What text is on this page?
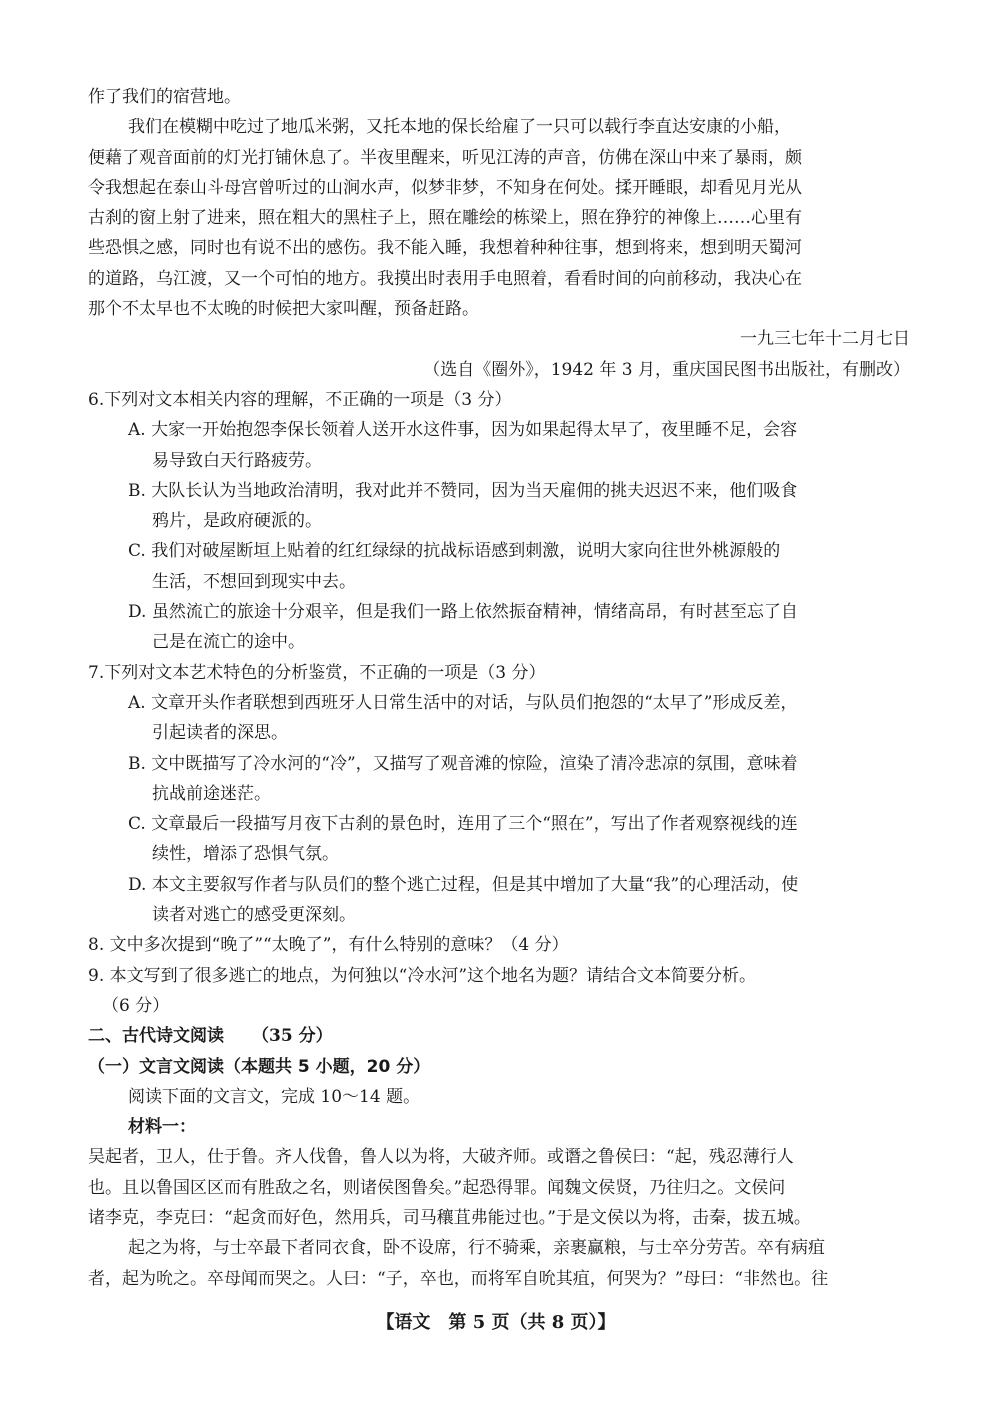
作了我们的宿营地。
我们在模糊中吃过了地瓜米粥，又托本地的保长给雇了一只可以载行李直达安康的小船，
便藉了观音面前的灯光打铺休息了。半夜里醒来，听见江涛的声音，仿佛在深山中来了暴雨，颇
令我想起在泰山斗母宫曾听过的山涧水声，似梦非梦，不知身在何处。揉开睡眼，却看见月光从
古刹的窗上射了进来，照在粗大的黑柱子上，照在雕绘的栋梁上，照在狰狞的神像上……心里有
些恐惧之感，同时也有说不出的感伤。我不能入睡，我想着种种往事，想到将来，想到明天蜀河
的道路，乌江渡，又一个可怕的地方。我摸出时表用手电照着，看看时间的向前移动，我决心在
那个不太早也不太晚的时候把大家叫醒，预备赶路。
一九三七年十二月七日
（选自《圈外》，1942 年 3 月，重庆国民图书出版社，有删改）
6.下列对文本相关内容的理解，不正确的一项是（3 分）
A. 大家一开始抱怨李保长领着人送开水这件事，因为如果起得太早了，夜里睡不足，会容
易导致白天行路疲劳。
B. 大队长认为当地政治清明，我对此并不赞同，因为当天雇佣的挑夫迟迟不来，他们吸食
鸦片，是政府硬派的。
C. 我们对破屋断垣上贴着的红红绿绿的抗战标语感到刺激，说明大家向往世外桃源般的
生活，不想回到现实中去。
D. 虽然流亡的旅途十分艰辛，但是我们一路上依然振奋精神，情绪高昂，有时甚至忘了自
己是在流亡的途中。
7.下列对文本艺术特色的分析鉴赏，不正确的一项是（3 分）
A. 文章开头作者联想到西班牙人日常生活中的对话，与队员们抱怨的“太早了”形成反差，
引起读者的深思。
B. 文中既描写了冷水河的“冷”，又描写了观音滩的惊险，渲染了清冷悲凉的氛围，意味着
抗战前途迷茫。
C. 文章最后一段描写月夜下古刹的景色时，连用了三个“照在”，写出了作者观察视线的连
续性，增添了恐惧气氛。
D. 本文主要叙写作者与队员们的整个逃亡过程，但是其中增加了大量“我”的心理活动，使
读者对逃亡的感受更深刻。
8. 文中多次提到“晚了”“太晚了”，有什么特别的意味？（4 分）
9. 本文写到了很多逃亡的地点，为何独以“冷水河”这个地名为题？请结合文本简要分析。
（6 分）
二、古代诗文阅读 （35 分）
（一）文言文阅读（本题共 5 小题，20 分）
阅读下面的文言文，完成 10～14 题。
材料一：
吴起者，卫人，仕于鲁。齐人伐鲁，鲁人以为将，大破齐师。或谮之鲁侯曰：“起，残忍薄行人
也。且以鲁国区区而有胜敌之名，则诸侯图鲁矣。”起恐得罪。闻魏文侯贤，乃往归之。文侯问
诸李克，李克曰：“起贪而好色，然用兵，司马穰苴弗能过也。”于是文侯以为将，击秦，拔五城。
起之为将，与士卒最下者同衣食，卧不设席，行不骑乘，亲裹赢粮，与士卒分劳苦。卒有病疽
者，起为吮之。卒母闻而哭之。人曰：“子，卒也，而将军自吮其疽，何哭为？”母曰：“非然也。往
【语文　第 5 页（共 8 页）】
